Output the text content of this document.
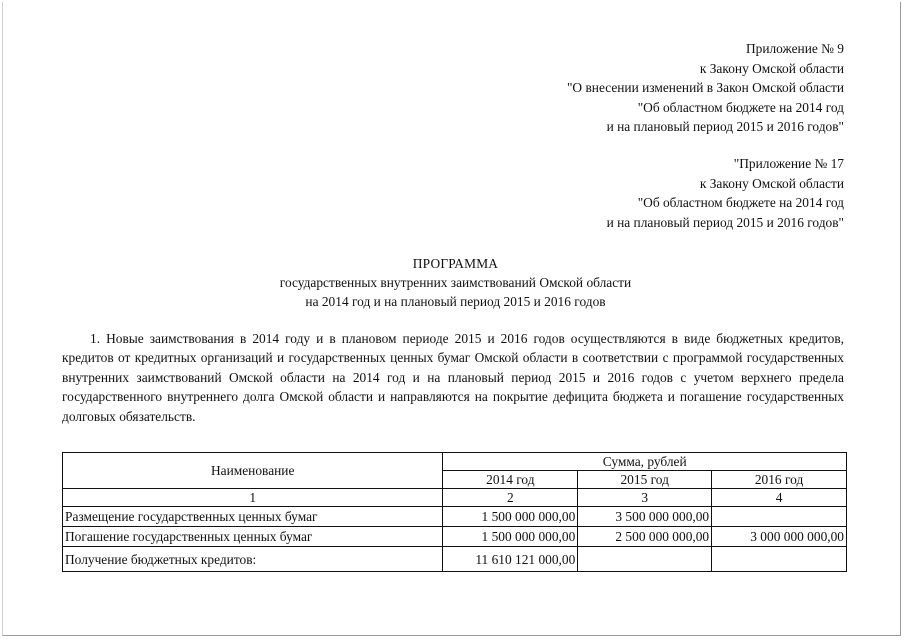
Приложение № 9
к Закону Омской области
"О внесении изменений в Закон Омской области
"Об областном бюджете на 2014 год
и на плановый период 2015 и 2016 годов"
"Приложение № 17
к Закону Омской области
"Об областном бюджете на 2014 год
и на плановый период 2015 и 2016 годов"
ПРОГРАММА
государственных внутренних заимствований Омской области
на 2014 год и на плановый период 2015 и 2016 годов
1. Новые заимствования в 2014 году и в плановом периоде 2015 и 2016 годов осуществляются в виде бюджетных кредитов, кредитов от кредитных организаций и государственных ценных бумаг Омской области в соответствии с программой государственных внутренних заимствований Омской области на 2014 год и на плановый период 2015 и 2016 годов с учетом верхнего предела государственного внутреннего долга Омской области и направляются на покрытие дефицита бюджета и погашение государственных долговых обязательств.
Наименование	Сумма, рублей		
	2014 год	2015 год	2016 год
1	2	3	4
Размещение государственных ценных бумаг	1 500 000 000,00	3 500 000 000,00	
Погашение государственных ценных бумаг	1 500 000 000,00	2 500 000 000,00	3 000 000 000,00
Получение бюджетных кредитов:	11 610 121 000,00		
